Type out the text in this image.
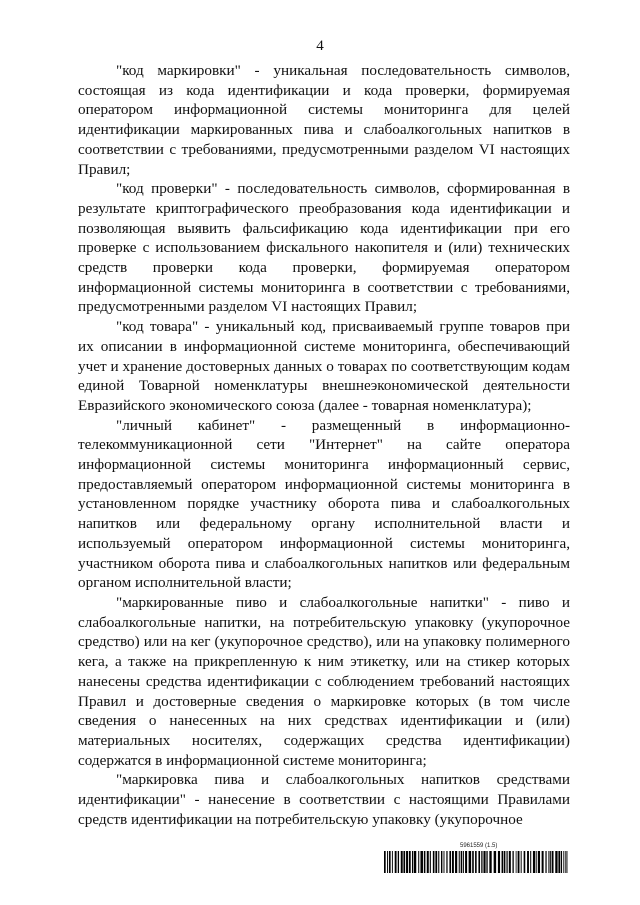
4

"код маркировки" - уникальная последовательность символов, состоящая из кода идентификации и кода проверки, формируемая оператором информационной системы мониторинга для целей идентификации маркированных пива и слабоалкогольных напитков в соответствии с требованиями, предусмотренными разделом VI настоящих Правил;

"код проверки" - последовательность символов, сформированная в результате криптографического преобразования кода идентификации и позволяющая выявить фальсификацию кода идентификации при его проверке с использованием фискального накопителя и (или) технических средств проверки кода проверки, формируемая оператором информационной системы мониторинга в соответствии с требованиями, предусмотренными разделом VI настоящих Правил;

"код товара" - уникальный код, присваиваемый группе товаров при их описании в информационной системе мониторинга, обеспечивающий учет и хранение достоверных данных о товарах по соответствующим кодам единой Товарной номенклатуры внешнеэкономической деятельности Евразийского экономического союза (далее - товарная номенклатура);

"личный кабинет" - размещенный в информационно-телекоммуникационной сети "Интернет" на сайте оператора информационной системы мониторинга информационный сервис, предоставляемый оператором информационной системы мониторинга в установленном порядке участнику оборота пива и слабоалкогольных напитков или федеральному органу исполнительной власти и используемый оператором информационной системы мониторинга, участником оборота пива и слабоалкогольных напитков или федеральным органом исполнительной власти;

"маркированные пиво и слабоалкогольные напитки" - пиво и слабоалкогольные напитки, на потребительскую упаковку (укупорочное средство) или на кег (укупорочное средство), или на упаковку полимерного кега, а также на прикрепленную к ним этикетку, или на стикер которых нанесены средства идентификации с соблюдением требований настоящих Правил и достоверные сведения о маркировке которых (в том числе сведения о нанесенных на них средствах идентификации и (или) материальных носителях, содержащих средства идентификации) содержатся в информационной системе мониторинга;

"маркировка пива и слабоалкогольных напитков средствами идентификации" - нанесение в соответствии с настоящими Правилами средств идентификации на потребительскую упаковку (укупорочное

5961559 (1.5)
